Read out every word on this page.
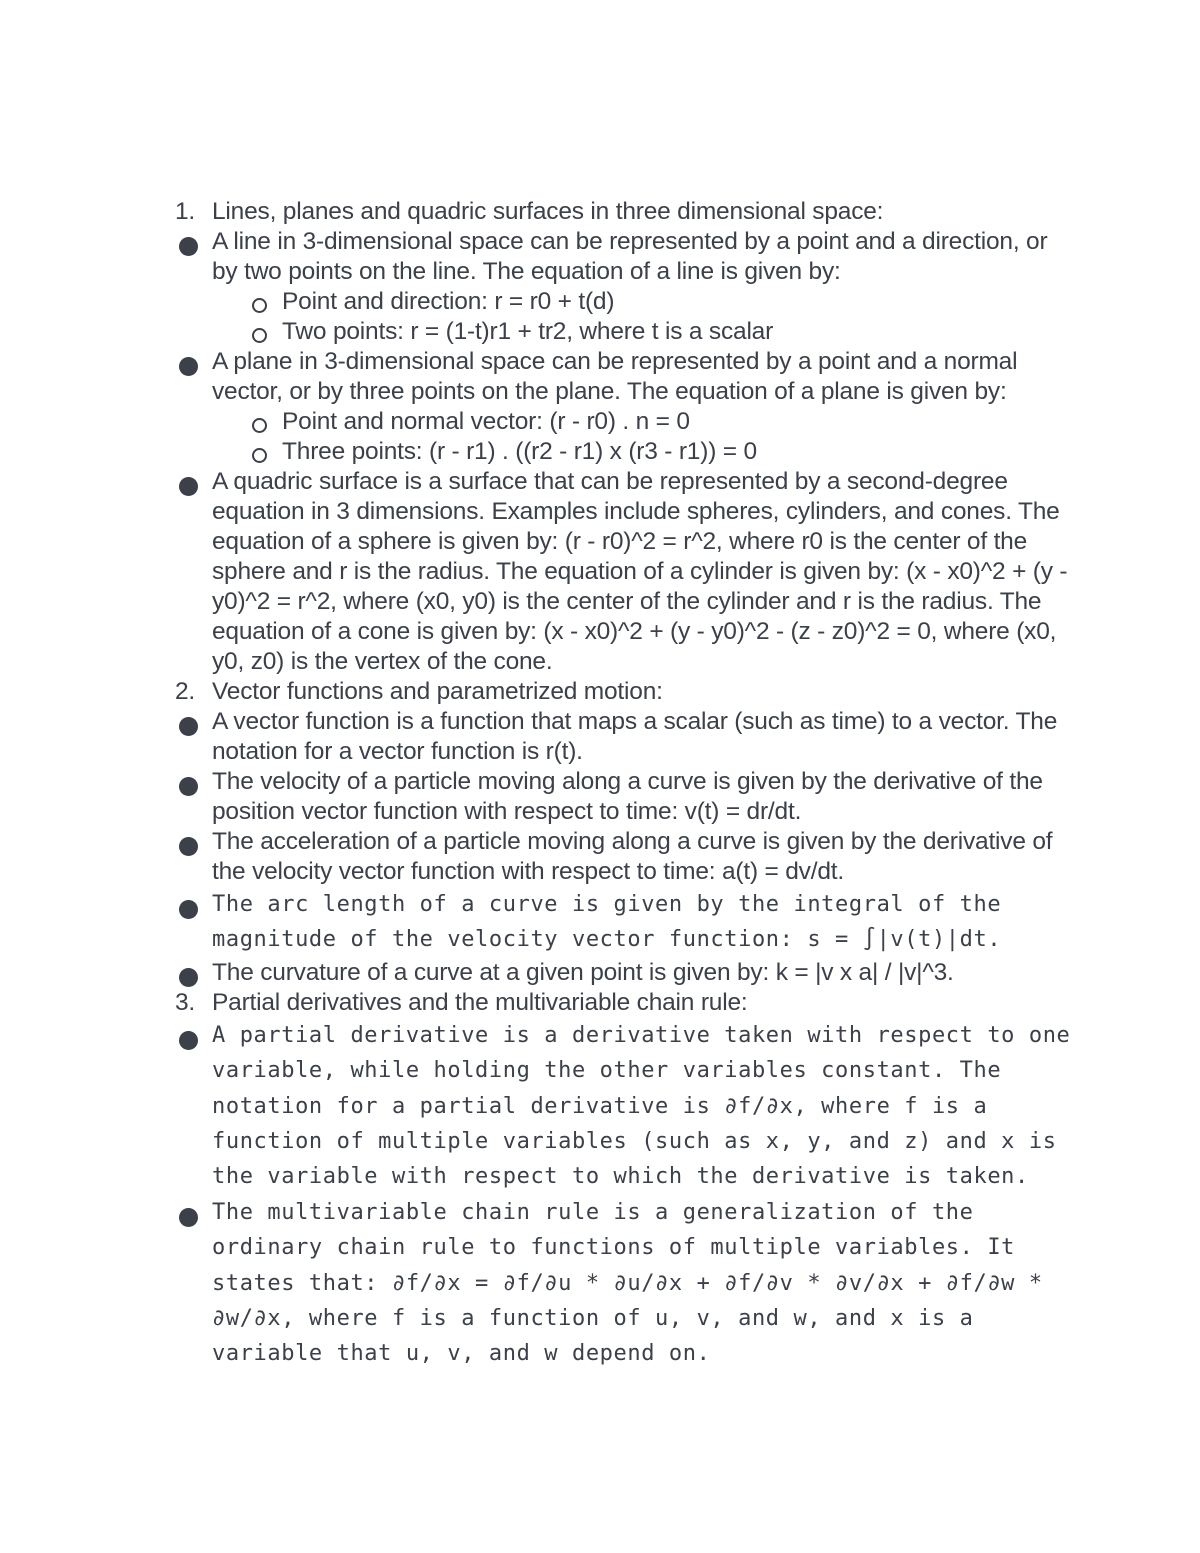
1. Lines, planes and quadric surfaces in three dimensional space:
A line in 3-dimensional space can be represented by a point and a direction, or by two points on the line. The equation of a line is given by:
Point and direction: r = r0 + t(d)
Two points: r = (1-t)r1 + tr2, where t is a scalar
A plane in 3-dimensional space can be represented by a point and a normal vector, or by three points on the plane. The equation of a plane is given by:
Point and normal vector: (r - r0) . n = 0
Three points: (r - r1) . ((r2 - r1) x (r3 - r1)) = 0
A quadric surface is a surface that can be represented by a second-degree equation in 3 dimensions. Examples include spheres, cylinders, and cones. The equation of a sphere is given by: (r - r0)^2 = r^2, where r0 is the center of the sphere and r is the radius. The equation of a cylinder is given by: (x - x0)^2 + (y - y0)^2 = r^2, where (x0, y0) is the center of the cylinder and r is the radius. The equation of a cone is given by: (x - x0)^2 + (y - y0)^2 - (z - z0)^2 = 0, where (x0, y0, z0) is the vertex of the cone.
2. Vector functions and parametrized motion:
A vector function is a function that maps a scalar (such as time) to a vector. The notation for a vector function is r(t).
The velocity of a particle moving along a curve is given by the derivative of the position vector function with respect to time: v(t) = dr/dt.
The acceleration of a particle moving along a curve is given by the derivative of the velocity vector function with respect to time: a(t) = dv/dt.
The arc length of a curve is given by the integral of the magnitude of the velocity vector function: s = ∫|v(t)|dt.
The curvature of a curve at a given point is given by: k = |v x a| / |v|^3.
3. Partial derivatives and the multivariable chain rule:
A partial derivative is a derivative taken with respect to one variable, while holding the other variables constant. The notation for a partial derivative is ∂f/∂x, where f is a function of multiple variables (such as x, y, and z) and x is the variable with respect to which the derivative is taken.
The multivariable chain rule is a generalization of the ordinary chain rule to functions of multiple variables. It states that: ∂f/∂x = ∂f/∂u * ∂u/∂x + ∂f/∂v * ∂v/∂x + ∂f/∂w * ∂w/∂x, where f is a function of u, v, and w, and x is a variable that u, v, and w depend on.
